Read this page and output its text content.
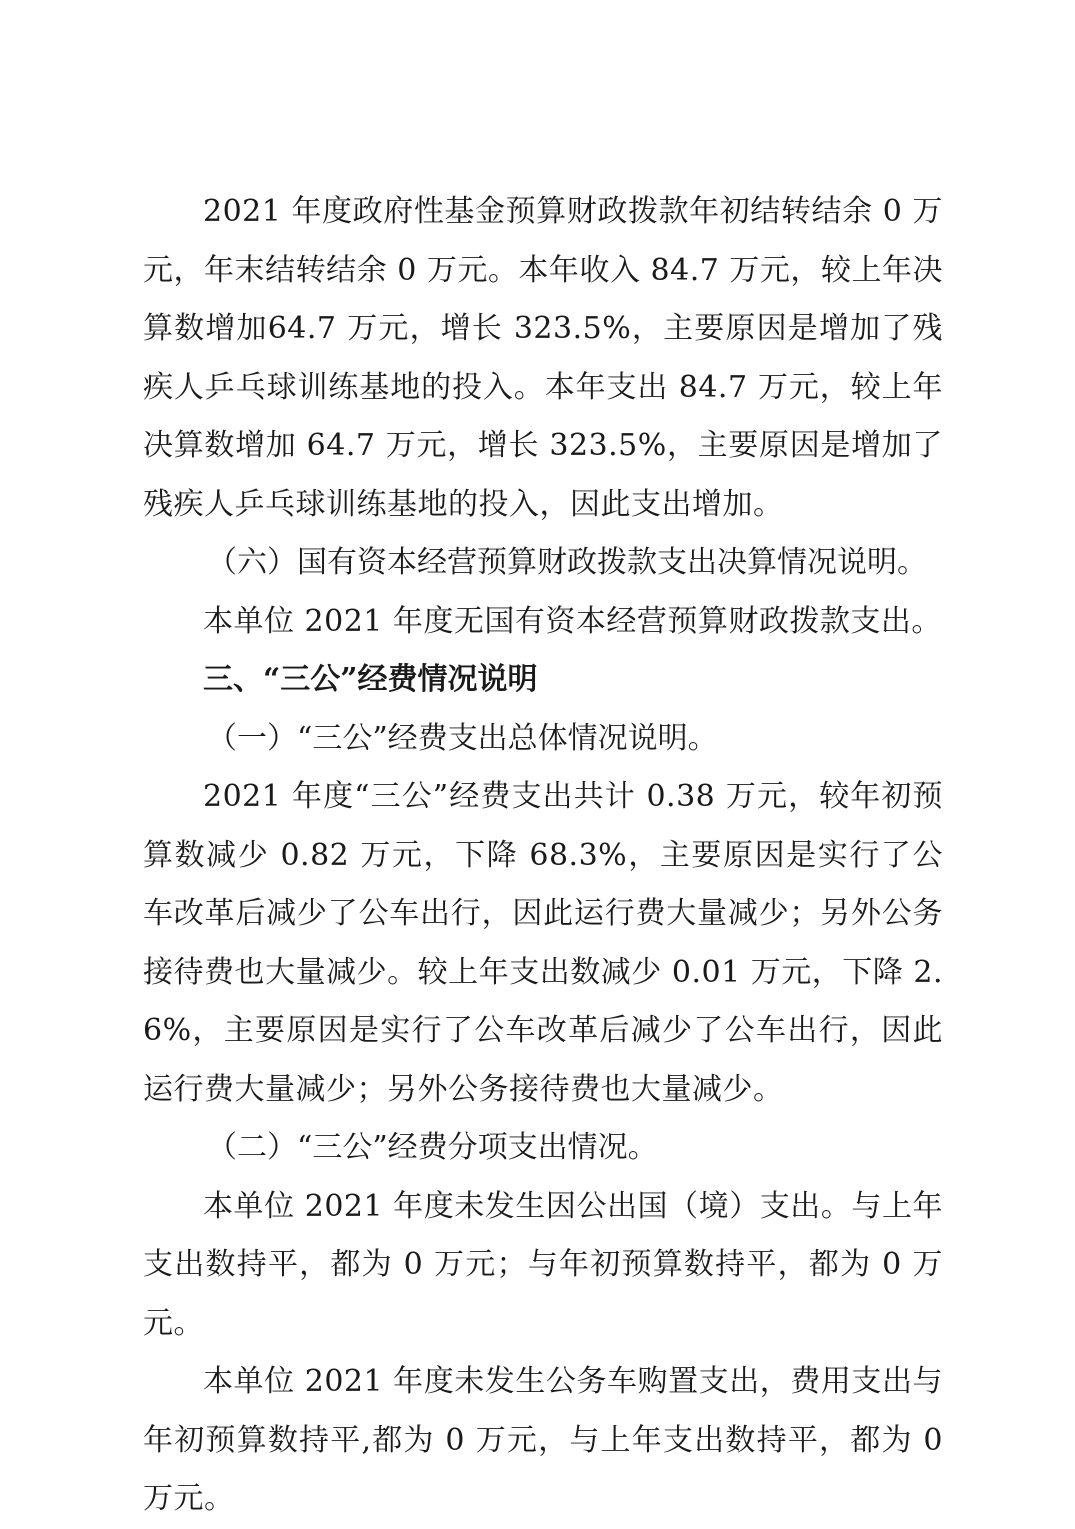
2021 年度政府性基金预算财政拨款年初结转结余 0 万元，年末结转结余 0 万元。本年收入 84.7 万元，较上年决算数增加64.7 万元，增长 323.5%，主要原因是增加了残疾人乒乓球训练基地的投入。本年支出 84.7 万元，较上年决算数增加 64.7 万元，增长 323.5%，主要原因是增加了残疾人乒乓球训练基地的投入，因此支出增加。

（六）国有资本经营预算财政拨款支出决算情况说明。

本单位 2021 年度无国有资本经营预算财政拨款支出。

三、“三公”经费情况说明

（一）“三公”经费支出总体情况说明。

2021 年度“三公”经费支出共计 0.38 万元，较年初预算数减少 0.82 万元，下降 68.3%，主要原因是实行了公车改革后减少了公车出行，因此运行费大量减少；另外公务接待费也大量减少。较上年支出数减少 0.01 万元，下降 2.6%，主要原因是实行了公车改革后减少了公车出行，因此运行费大量减少；另外公务接待费也大量减少。

（二）“三公”经费分项支出情况。

本单位 2021 年度未发生因公出国（境）支出。与上年支出数持平，都为 0 万元；与年初预算数持平，都为 0 万元。

本单位 2021 年度未发生公务车购置支出，费用支出与年初预算数持平,都为 0 万元，与上年支出数持平，都为 0 万元。
